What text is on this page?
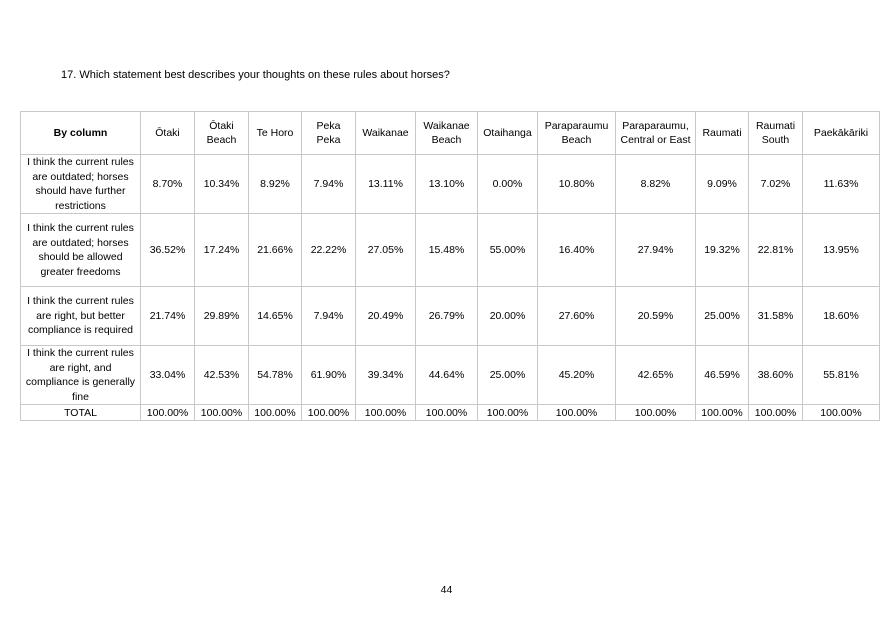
17. Which statement best describes your thoughts on these rules about horses?
By column	Ōtaki	Ōtaki Beach	Te Horo	Peka Peka	Waikanae	Waikanae Beach	Otaihanga	Paraparaumu Beach	Paraparaumu, Central or East	Raumati	Raumati South	Paekākāriki
I think the current rules are outdated; horses should have further restrictions	8.70%	10.34%	8.92%	7.94%	13.11%	13.10%	0.00%	10.80%	8.82%	9.09%	7.02%	11.63%
I think the current rules are outdated; horses should be allowed greater freedoms	36.52%	17.24%	21.66%	22.22%	27.05%	15.48%	55.00%	16.40%	27.94%	19.32%	22.81%	13.95%
I think the current rules are right, but better compliance is required	21.74%	29.89%	14.65%	7.94%	20.49%	26.79%	20.00%	27.60%	20.59%	25.00%	31.58%	18.60%
I think the current rules are right, and compliance is generally fine	33.04%	42.53%	54.78%	61.90%	39.34%	44.64%	25.00%	45.20%	42.65%	46.59%	38.60%	55.81%
TOTAL	100.00%	100.00%	100.00%	100.00%	100.00%	100.00%	100.00%	100.00%	100.00%	100.00%	100.00%	100.00%
44
